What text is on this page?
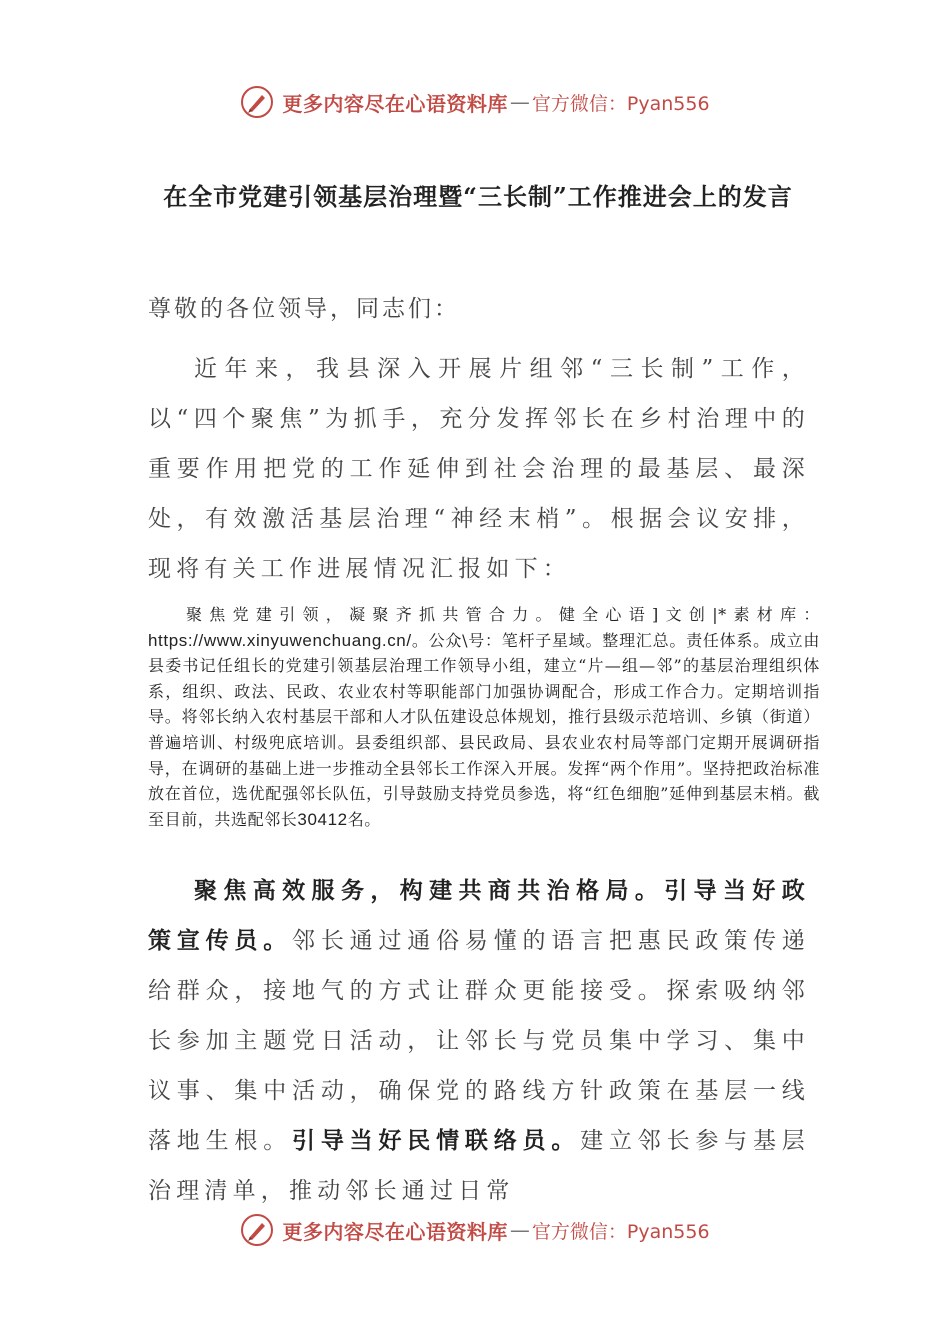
更多内容尽在心语资料库 — 官方微信：Pyan556
在全市党建引领基层治理暨“三长制”工作推进会上的发言
尊敬的各位领导，同志们：
近年来，我县深入开展片组邻“三长制”工作，以“四个聚焦”为抓手，充分发挥邻长在乡村治理中的重要作用把党的工作延伸到社会治理的最基层、最深处，有效激活基层治理“神经末梢”。根据会议安排，现将有关工作进展情况汇报如下：
聚焦党建引领，凝聚齐抓共管合力。健全心语]文创|*素材库：https://www.xinyuwenchuang.cn/。公众\号：笔杆子星域。整理汇总。责任体系。成立由县委书记任组长的党建引领基层治理工作领导小组，建立“片—组—邻”的基层治理组织体系，组织、政法、民政、农业农村等职能部门加强协调配合，形成工作合力。定期培训指导。将邻长纳入农村基层干部和人才队伍建设总体规划，推行县级示范培训、乡镇（街道）普遍培训、村级兜底培训。县委组织部、县民政局、县农业农村局等部门定期开展调研指导，在调研的基础上进一步推动全县邻长工作深入开展。发挥“两个作用”。坚持把政治标准放在首位，选优配强邻长队伍，引导鼓励支持党员参选，将“红色细胞”延伸到基层末梢。截至目前，共选配邻长30412名。
聚焦高效服务，构建共商共治格局。引导当好政策宣传员。邻长通过通俗易懂的语言把惠民政策传递给群众，接地气的方式让群众更能接受。探索吸纳邻长参加主题党日活动，让邻长与党员集中学习、集中议事、集中活动，确保党的路线方针政策在基层一线落地生根。引导当好民情联络员。建立邻长参与基层治理清单，推动邻长通过日常
更多内容尽在心语资料库 — 官方微信：Pyan556
